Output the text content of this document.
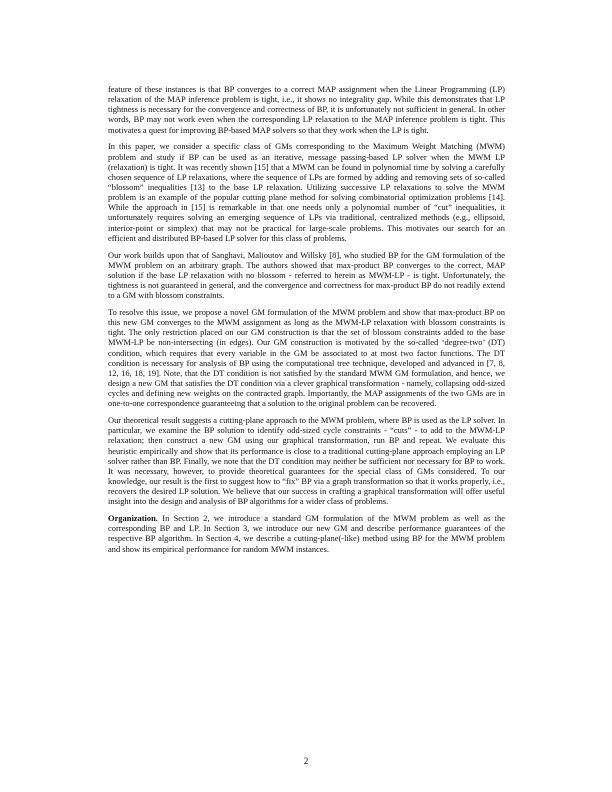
feature of these instances is that BP converges to a correct MAP assignment when the Linear Programming (LP) relaxation of the MAP inference problem is tight, i.e., it shows no integrality gap. While this demonstrates that LP tightness is necessary for the convergence and correctness of BP, it is unfortunately not sufficient in general. In other words, BP may not work even when the corresponding LP relaxation to the MAP inference problem is tight. This motivates a quest for improving BP-based MAP solvers so that they work when the LP is tight.

In this paper, we consider a specific class of GMs corresponding to the Maximum Weight Matching (MWM) problem and study if BP can be used as an iterative, message passing-based LP solver when the MWM LP (relaxation) is tight. It was recently shown [15] that a MWM can be found in polynomial time by solving a carefully chosen sequence of LP relaxations, where the sequence of LPs are formed by adding and removing sets of so-called “blossom” inequalities [13] to the base LP relaxation. Utilizing successive LP relaxations to solve the MWM problem is an example of the popular cutting plane method for solving combinatorial optimization problems [14]. While the approach in [15] is remarkable in that one needs only a polynomial number of “cut” inequalities, it unfortunately requires solving an emerging sequence of LPs via traditional, centralized methods (e.g., ellipsoid, interior-point or simplex) that may not be practical for large-scale problems. This motivates our search for an efficient and distributed BP-based LP solver for this class of problems.

Our work builds upon that of Sanghavi, Malioutov and Willsky [8], who studied BP for the GM formulation of the MWM problem on an arbitrary graph. The authors showed that max-product BP converges to the correct, MAP solution if the base LP relaxation with no blossom - referred to herein as MWM-LP - is tight. Unfortunately, the tightness is not guaranteed in general, and the convergence and correctness for max-product BP do not readily extend to a GM with blossom constraints.

To resolve this issue, we propose a novel GM formulation of the MWM problem and show that max-product BP on this new GM converges to the MWM assignment as long as the MWM-LP relaxation with blossom constraints is tight. The only restriction placed on our GM construction is that the set of blossom constraints added to the base MWM-LP be non-intersecting (in edges). Our GM construction is motivated by the so-called ‘degree-two’ (DT) condition, which requires that every variable in the GM be associated to at most two factor functions. The DT condition is necessary for analysis of BP using the computational tree technique, developed and advanced in [7, 8, 12, 16, 18, 19]. Note, that the DT condition is not satisfied by the standard MWM GM formulation, and hence, we design a new GM that satisfies the DT condition via a clever graphical transformation - namely, collapsing odd-sized cycles and defining new weights on the contracted graph. Importantly, the MAP assignments of the two GMs are in one-to-one correspondence guaranteeing that a solution to the original problem can be recovered.

Our theoretical result suggests a cutting-plane approach to the MWM problem, where BP is used as the LP solver. In particular, we examine the BP solution to identify odd-sized cycle constraints - “cuts” - to add to the MWM-LP relaxation; then construct a new GM using our graphical transformation, run BP and repeat. We evaluate this heuristic empirically and show that its performance is close to a traditional cutting-plane approach employing an LP solver rather than BP. Finally, we note that the DT condition may neither be sufficient nor necessary for BP to work. It was necessary, however, to provide theoretical guarantees for the special class of GMs considered. To our knowledge, our result is the first to suggest how to “fix” BP via a graph transformation so that it works properly, i.e., recovers the desired LP solution. We believe that our success in crafting a graphical transformation will offer useful insight into the design and analysis of BP algorithms for a wider class of problems.

Organization. In Section 2, we introduce a standard GM formulation of the MWM problem as well as the corresponding BP and LP. In Section 3, we introduce our new GM and describe performance guarantees of the respective BP algorithm. In Section 4, we describe a cutting-plane(-like) method using BP for the MWM problem and show its empirical performance for random MWM instances.

2
